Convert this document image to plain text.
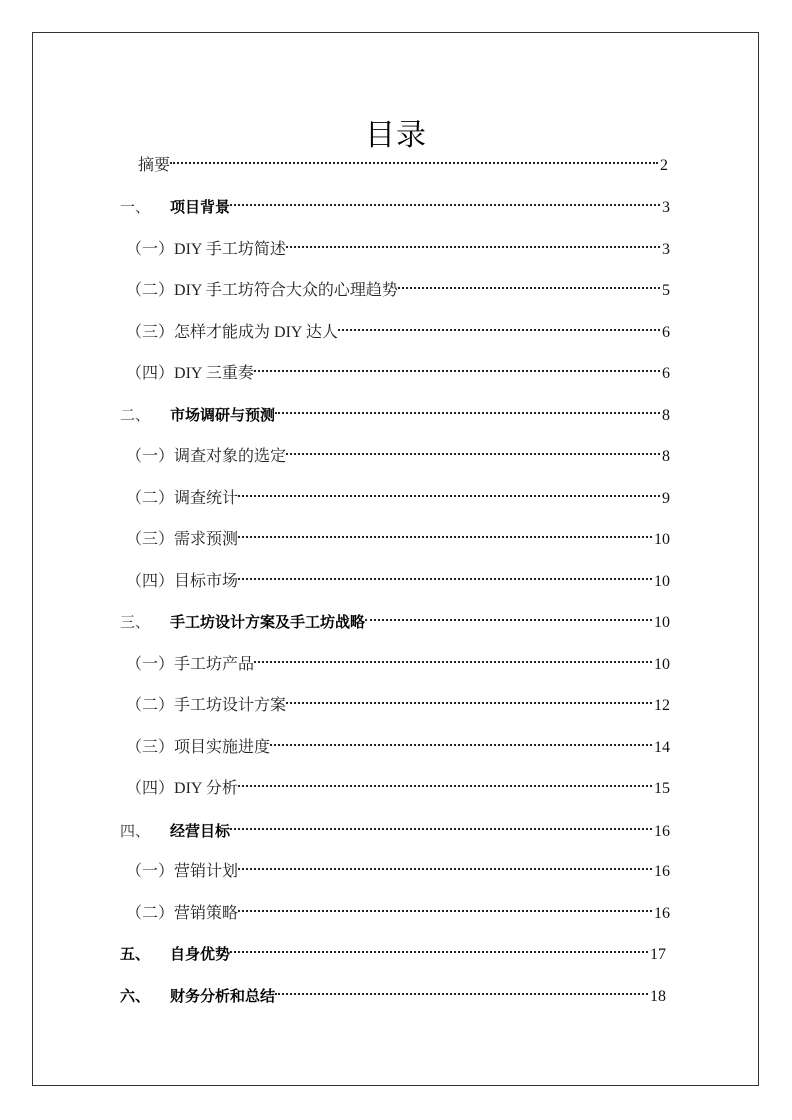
目录
摘要	2
一、	项目背景	3
（一） DIY 手工坊简述	3
（二） DIY 手工坊符合大众的心理趋势	5
（三） 怎样才能成为 DIY 达人	6
（四） DIY 三重奏	6
二、	市场调研与预测	8
（一） 调查对象的选定	8
（二） 调查统计	9
（三） 需求预测	10
（四） 目标市场	10
三、	手工坊设计方案及手工坊战略	10
（一） 手工坊产品	10
（二） 手工坊设计方案	12
（三） 项目实施进度	14
（四） DIY 分析	15
四、	经营目标	16
（一） 营销计划	16
（二） 营销策略	16
五、	自身优势	17
六、	财务分析和总结	18
